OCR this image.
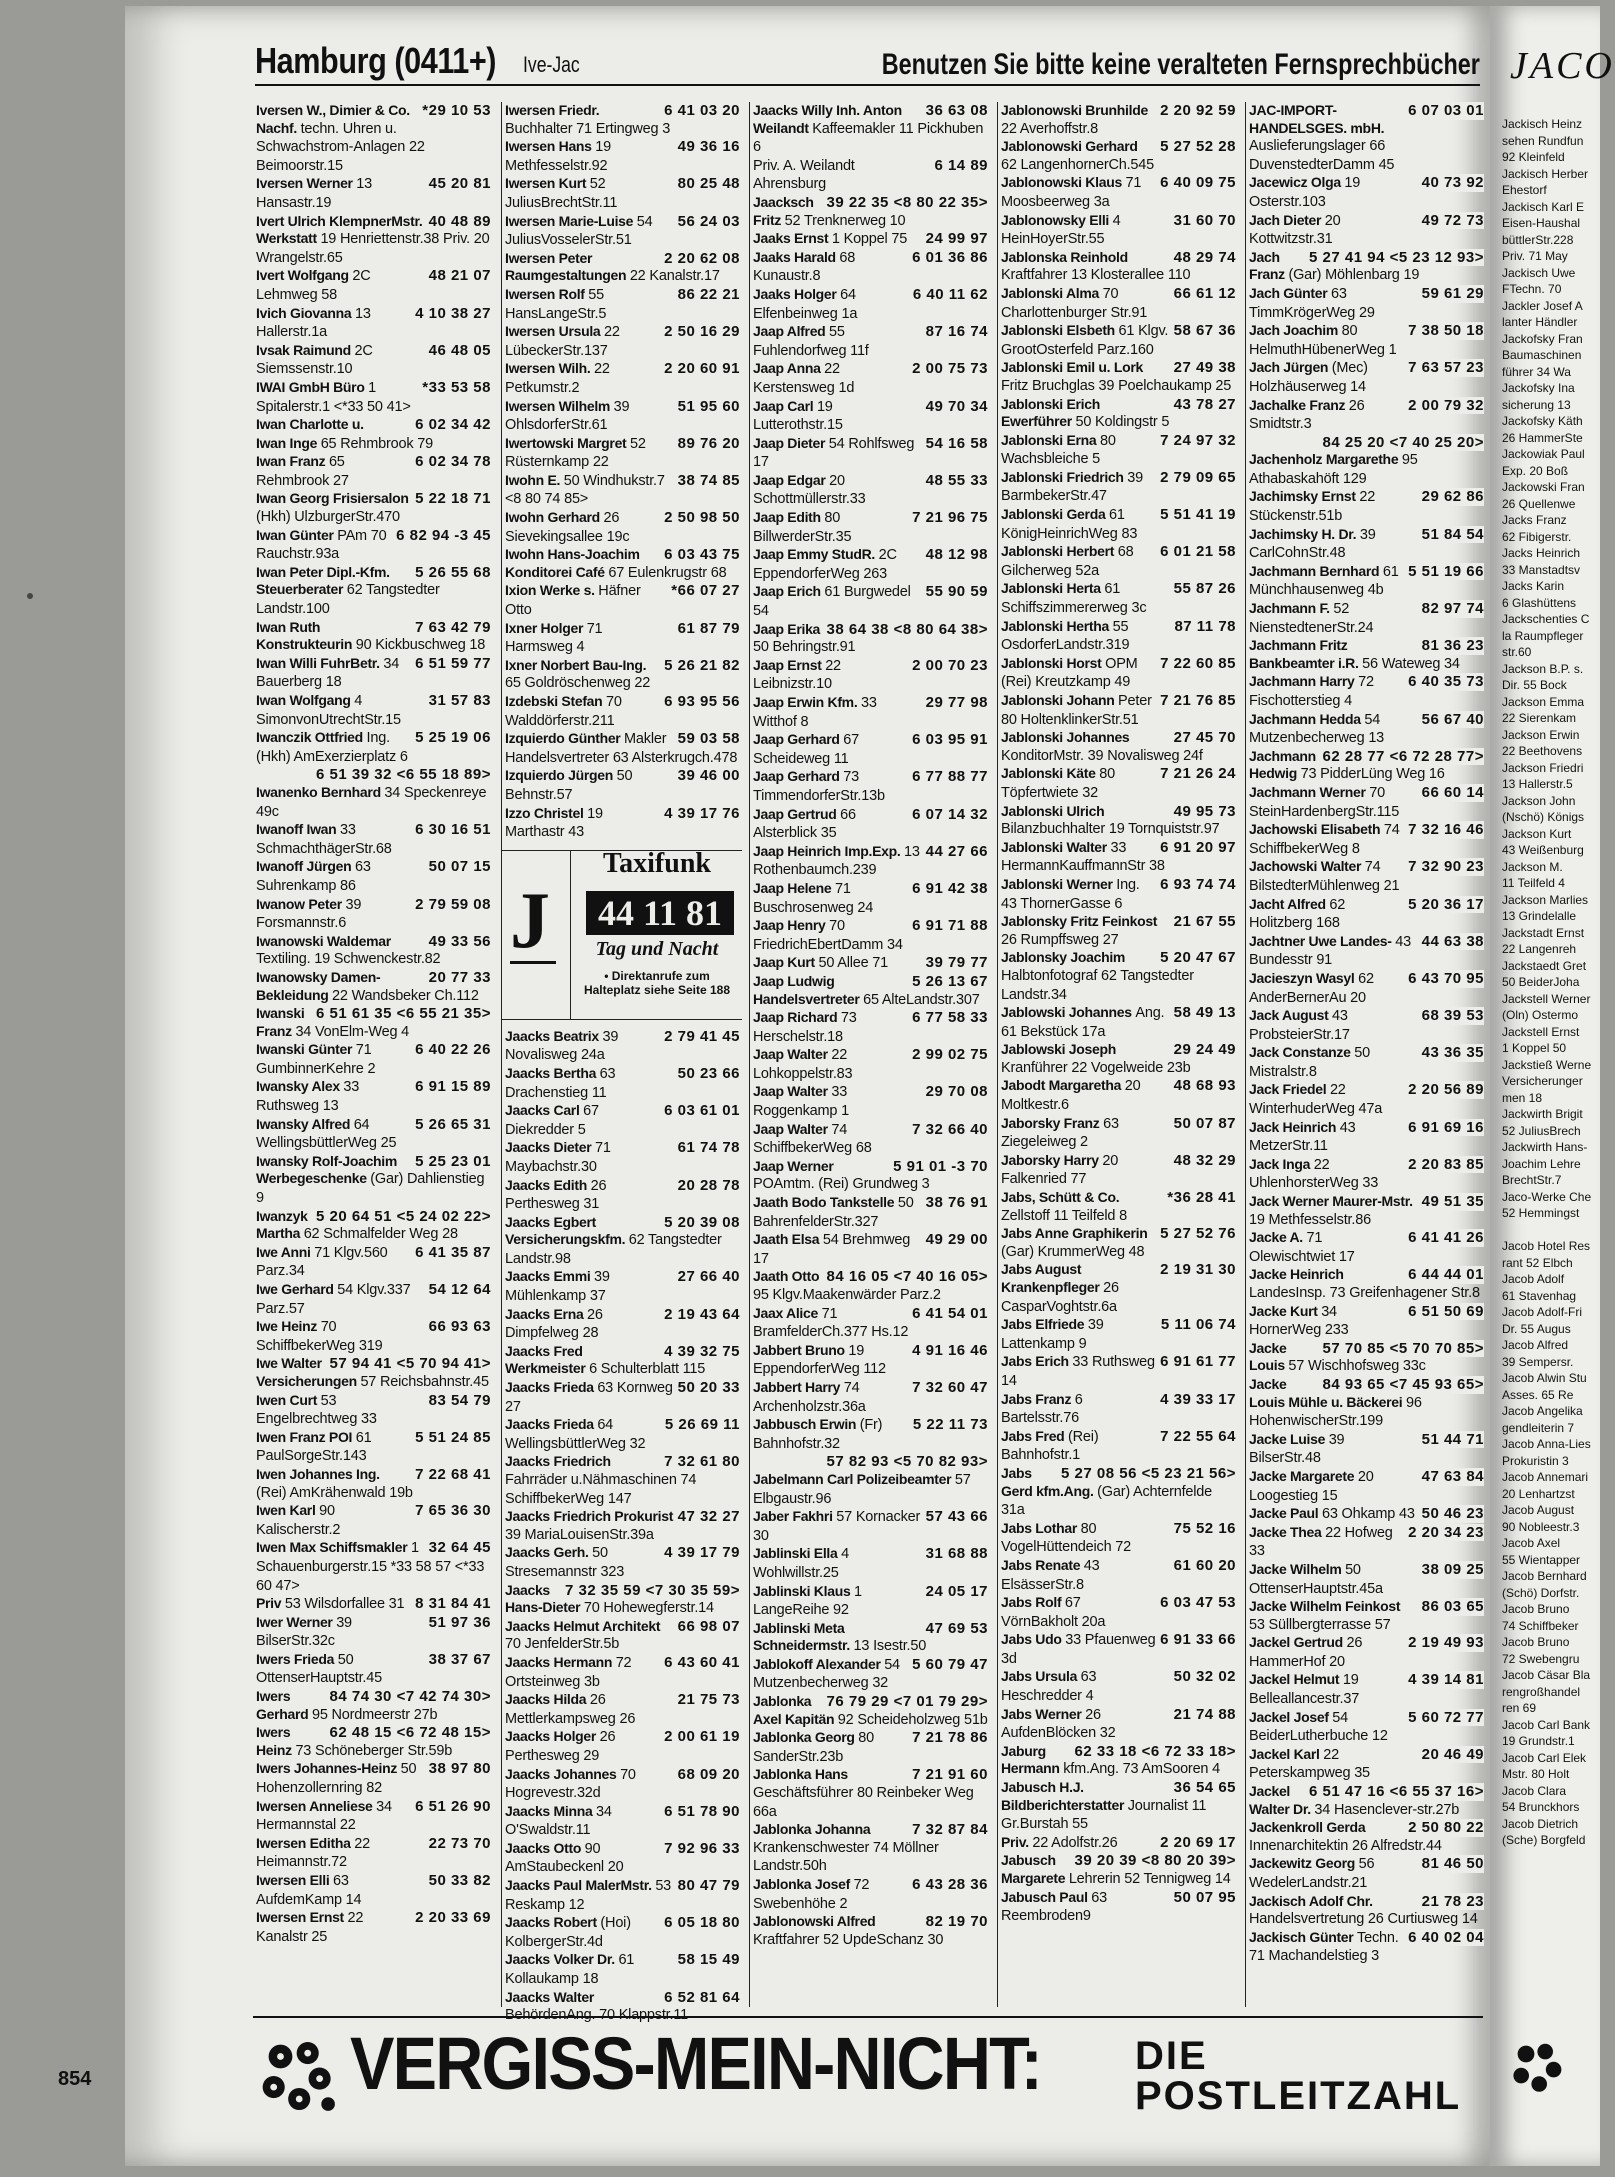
Hamburg (0411+) Ive-Jac	Benutzen Sie bitte keine veralteten Fernsprechbücher
*29 10 53
Iversen W., Dimier & Co. Nachf. techn. Uhren u. Schwachstrom-Anlagen 22 Beimoorstr.15
45 20 81
Iversen Werner 13 Hansastr.19
40 48 89
Ivert Ulrich KlempnerMstr. Werkstatt 19 Henriettenstr.38 Priv. 20 Wrangelstr.65
48 21 07
Ivert Wolfgang 2C Lehmweg 58
4 10 38 27
Ivich Giovanna 13 Hallerstr.1a
46 48 05
Ivsak Raimund 2C Siemssenstr.10
*33 53 58
IWAI GmbH Büro 1 Spitalerstr.1 <*33 50 41>
6 02 34 42
Iwan Charlotte u.
Iwan Inge 65 Rehmbrook 79
6 02 34 78
Iwan Franz 65 Rehmbrook 27
5 22 18 71
Iwan Georg Frisiersalon (Hkh) UlzburgerStr.470
6 82 94 -3 45
Iwan Günter PAm 70 Rauchstr.93a
5 26 55 68
Iwan Peter Dipl.-Kfm. Steuerberater 62 Tangstedter Landstr.100
7 63 42 79
Iwan Ruth Konstrukteurin 90 Kickbuschweg 18
6 51 59 77
Iwan Willi FuhrBetr. 34 Bauerberg 18
31 57 83
Iwan Wolfgang 4 SimonvonUtrechtStr.15
5 25 19 06
Iwanczik Ottfried Ing. (Hkh) AmExerzierplatz 6
6 51 39 32 <6 55 18 89>
Iwanenko Bernhard 34 Speckenreye 49c
6 30 16 51
Iwanoff Iwan 33 SchmachthägerStr.68
50 07 15
Iwanoff Jürgen 63 Suhrenkamp 86
2 79 59 08
Iwanow Peter 39 Forsmannstr.6
49 33 56
Iwanowski Waldemar Textiling. 19 Schwenckestr.82
20 77 33
Iwanowsky Damen-Bekleidung 22 Wandsbeker Ch.112
6 51 61 35 <6 55 21 35>
Iwanski Franz 34 VonElm-Weg 4
6 40 22 26
Iwanski Günter 71 GumbinnerKehre 2
6 91 15 89
Iwansky Alex 33 Ruthsweg 13
5 26 65 31
Iwansky Alfred 64 WellingsbüttlerWeg 25
5 25 23 01
Iwansky Rolf-Joachim Werbegeschenke (Gar) Dahlienstieg 9
5 20 64 51 <5 24 02 22>
Iwanzyk Martha 62 Schmalfelder Weg 28
6 41 35 87
Iwe Anni 71 Klgv.560 Parz.34
54 12 64
Iwe Gerhard 54 Klgv.337 Parz.57
66 93 63
Iwe Heinz 70 SchiffbekerWeg 319
57 94 41 <5 70 94 41>
Iwe Walter Versicherungen 57 Reichsbahnstr.45
83 54 79
Iwen Curt 53 Engelbrechtweg 33
5 51 24 85
Iwen Franz POI 61 PaulSorgeStr.143
7 22 68 41
Iwen Johannes Ing. (Rei) AmKrähenwald 19b
7 65 36 30
Iwen Karl 90 Kalischerstr.2
32 64 45
Iwen Max Schiffsmakler 1 Schauenburgerstr.15 *33 58 57 <*33 60 47>
8 31 84 41
Priv 53 Wilsdorfallee 31
51 97 36
Iwer Werner 39 BilserStr.32c
38 37 67
Iwers Frieda 50 OttenserHauptstr.45
84 74 30 <7 42 74 30>
Iwers Gerhard 95 Nordmeerstr 27b
62 48 15 <6 72 48 15>
Iwers Heinz 73 Schöneberger Str.59b
38 97 80
Iwers Johannes-Heinz 50 Hohenzollernring 82
6 51 26 90
Iwersen Anneliese 34 Hermannstal 22
22 73 70
Iwersen Editha 22 Heimannstr.72
50 33 82
Iwersen Elli 63 AufdemKamp 14
2 20 33 69
Iwersen Ernst 22 Kanalstr 25
6 41 03 20
Iwersen Friedr. Buchhalter 71 Ertingweg 3
49 36 16
Iwersen Hans 19 Methfesselstr.92
80 25 48
Iwersen Kurt 52 JuliusBrechtStr.11
56 24 03
Iwersen Marie-Luise 54 JuliusVosselerStr.51
2 20 62 08
Iwersen Peter Raumgestaltungen 22 Kanalstr.17
86 22 21
Iwersen Rolf 55 HansLangeStr.5
2 50 16 29
Iwersen Ursula 22 LübeckerStr.137
2 20 60 91
Iwersen Wilh. 22 Petkumstr.2
51 95 60
Iwersen Wilhelm 39 OhlsdorferStr.61
89 76 20
Iwertowski Margret 52 Rüsternkamp 22
38 74 85
Iwohn E. 50 Windhukstr.7 <8 80 74 85>
2 50 98 50
Iwohn Gerhard 26 Sievekingsallee 19c
6 03 43 75
Iwohn Hans-Joachim Konditorei Café 67 Eulenkrugstr 68
*66 07 27
Ixion Werke s. Häfner Otto
61 87 79
Ixner Holger 71 Harmsweg 4
5 26 21 82
Ixner Norbert Bau-Ing. 65 Goldröschenweg 22
6 93 95 56
Izdebski Stefan 70 Walddörferstr.211
59 03 58
Izquierdo Günther Makler Handelsvertreter 63 Alsterkrugch.478
39 46 00
Izquierdo Jürgen 50 Behnstr.57
4 39 17 76
Izzo Christel 19 Marthastr 43
J
Taxifunk
44 11 81
Tag und Nacht
• Direktanrufe zum Halteplatz siehe Seite 188
2 79 41 45
Jaacks Beatrix 39 Novalisweg 24a
50 23 66
Jaacks Bertha 63 Drachenstieg 11
6 03 61 01
Jaacks Carl 67 Diekredder 5
61 74 78
Jaacks Dieter 71 Maybachstr.30
20 28 78
Jaacks Edith 26 Perthesweg 31
5 20 39 08
Jaacks Egbert Versicherungskfm. 62 Tangstedter Landstr.98
27 66 40
Jaacks Emmi 39 Mühlenkamp 37
2 19 43 64
Jaacks Erna 26 Dimpfelweg 28
4 39 32 75
Jaacks Fred Werkmeister 6 Schulterblatt 115
50 20 33
Jaacks Frieda 63 Kornweg 27
5 26 69 11
Jaacks Frieda 64 WellingsbüttlerWeg 32
7 32 61 80
Jaacks Friedrich Fahrräder u.Nähmaschinen 74 SchiffbekerWeg 147
47 32 27
Jaacks Friedrich Prokurist 39 MariaLouisenStr.39a
4 39 17 79
Jaacks Gerh. 50 Stresemannstr 323
7 32 35 59 <7 30 35 59>
Jaacks Hans-Dieter 70 Hohewegferstr.14
66 98 07
Jaacks Helmut Architekt 70 JenfelderStr.5b
6 43 60 41
Jaacks Hermann 72 Ortsteinweg 3b
21 75 73
Jaacks Hilda 26 Mettlerkampsweg 26
2 00 61 19
Jaacks Holger 26 Perthesweg 29
68 09 20
Jaacks Johannes 70 Hogrevestr.32d
6 51 78 90
Jaacks Minna 34 O'Swaldstr.11
7 92 96 33
Jaacks Otto 90 AmStaubeckenl 20
80 47 79
Jaacks Paul MalerMstr. 53 Reskamp 12
6 05 18 80
Jaacks Robert (Hoi) KolbergerStr.4d
58 15 49
Jaacks Volker Dr. 61 Kollaukamp 18
6 52 81 64
Jaacks Walter BehördenAng. 70 Klappstr.11
36 63 08
Jaacks Willy Inh. Anton Weilandt Kaffeemakler 11 Pickhuben 6
6 14 89
Priv. A. Weilandt Ahrensburg
39 22 35 <8 80 22 35>
Jaacksch Fritz 52 Trenknerweg 10
24 99 97
Jaaks Ernst 1 Koppel 75
6 01 36 86
Jaaks Harald 68 Kunaustr.8
6 40 11 62
Jaaks Holger 64 Elfenbeinweg 1a
87 16 74
Jaap Alfred 55 Fuhlendorfweg 11f
2 00 75 73
Jaap Anna 22 Kerstensweg 1d
49 70 34
Jaap Carl 19 Lutterothstr.15
54 16 58
Jaap Dieter 54 Rohlfsweg 17
48 55 33
Jaap Edgar 20 Schottmüllerstr.33
7 21 96 75
Jaap Edith 80 BillwerderStr.35
48 12 98
Jaap Emmy StudR. 2C EppendorferWeg 263
55 90 59
Jaap Erich 61 Burgwedel 54
38 64 38 <8 80 64 38>
Jaap Erika 50 Behringstr.91
2 00 70 23
Jaap Ernst 22 Leibnizstr.10
29 77 98
Jaap Erwin Kfm. 33 Witthof 8
6 03 95 91
Jaap Gerhard 67 Scheideweg 11
6 77 88 77
Jaap Gerhard 73 TimmendorferStr.13b
6 07 14 32
Jaap Gertrud 66 Alsterblick 35
44 27 66
Jaap Heinrich Imp.Exp. 13 Rothenbaumch.239
6 91 42 38
Jaap Helene 71 Buschrosenweg 24
6 91 71 88
Jaap Henry 70 FriedrichEbertDamm 34
39 79 77
Jaap Kurt 50 Allee 71
5 26 13 67
Jaap Ludwig Handelsvertreter 65 AlteLandstr.307
6 77 58 33
Jaap Richard 73 Herschelstr.18
2 99 02 75
Jaap Walter 22 Lohkoppelstr.83
29 70 08
Jaap Walter 33 Roggenkamp 1
7 32 66 40
Jaap Walter 74 SchiffbekerWeg 68
5 91 01 -3 70
Jaap Werner POAmtm. (Rei) Grundweg 3
38 76 91
Jaath Bodo Tankstelle 50 BahrenfelderStr.327
49 29 00
Jaath Elsa 54 Brehmweg 17
84 16 05 <7 40 16 05>
Jaath Otto 95 Klgv.Maakenwärder Parz.2
6 41 54 01
Jaax Alice 71 BramfelderCh.377 Hs.12
4 91 16 46
Jabbert Bruno 19 EppendorferWeg 112
7 32 60 47
Jabbert Harry 74 Archenholzstr.36a
5 22 11 73
Jabbusch Erwin (Fr) Bahnhofstr.32
57 82 93 <5 70 82 93>
Jabelmann Carl Polizeibeamter 57 Elbgaustr.96
57 43 66
Jaber Fakhri 57 Kornacker 30
31 68 88
Jablinski Ella 4 Wohlwillstr.25
24 05 17
Jablinski Klaus 1 LangeReihe 92
47 69 53
Jablinski Meta Schneidermstr. 13 Isestr.50
5 60 79 47
Jablokoff Alexander 54 Mutzenbecherweg 32
76 79 29 <7 01 79 29>
Jablonka Axel Kapitän 92 Scheideholzweg 51b
7 21 78 86
Jablonka Georg 80 SanderStr.23b
7 21 91 60
Jablonka Hans Geschäftsführer 80 Reinbeker Weg 66a
7 32 87 84
Jablonka Johanna Krankenschwester 74 Möllner Landstr.50h
6 43 28 36
Jablonka Josef 72 Swebenhöhe 2
82 19 70
Jablonowski Alfred Kraftfahrer 52 UpdeSchanz 30
2 20 92 59
Jablonowski Brunhilde 22 Averhoffstr.8
5 27 52 28
Jablonowski Gerhard 62 LangenhornerCh.545
6 40 09 75
Jablonowski Klaus 71 Moosbeerweg 3a
31 60 70
Jablonowsky Elli 4 HeinHoyerStr.55
48 29 74
Jablonska Reinhold Kraftfahrer 13 Klosterallee 110
66 61 12
Jablonski Alma 70 Charlottenburger Str.91
58 67 36
Jablonski Elsbeth 61 Klgv. GrootOsterfeld Parz.160
27 49 38
Jablonski Emil u. Lork Fritz Bruchglas 39 Poelchaukamp 25
43 78 27
Jablonski Erich Ewerführer 50 Koldingstr 5
7 24 97 32
Jablonski Erna 80 Wachsbleiche 5
2 79 09 65
Jablonski Friedrich 39 BarmbekerStr.47
5 51 41 19
Jablonski Gerda 61 KönigHeinrichWeg 83
6 01 21 58
Jablonski Herbert 68 Gilcherweg 52a
55 87 26
Jablonski Herta 61 Schiffszimmererweg 3c
87 11 78
Jablonski Hertha 55 OsdorferLandstr.319
7 22 60 85
Jablonski Horst OPM (Rei) Kreutzkamp 49
7 21 76 85
Jablonski Johann Peter 80 HoltenklinkerStr.51
27 45 70
Jablonski Johannes KonditorMstr. 39 Novalisweg 24f
7 21 26 24
Jablonski Käte 80 Töpfertwiete 32
49 95 73
Jablonski Ulrich Bilanzbuchhalter 19 Tornquiststr.97
6 91 20 97
Jablonski Walter 33 HermannKauffmannStr 38
6 93 74 74
Jablonski Werner Ing. 43 ThornerGasse 6
21 67 55
Jablonsky Fritz Feinkost 26 Rumpffsweg 27
5 20 47 67
Jablonsky Joachim Halbtonfotograf 62 Tangstedter Landstr.34
58 49 13
Jablowski Johannes Ang. 61 Bekstück 17a
29 24 49
Jablowski Joseph Kranführer 22 Vogelweide 23b
48 68 93
Jabodt Margaretha 20 Moltkestr.6
50 07 87
Jaborsky Franz 63 Ziegeleiweg 2
48 32 29
Jaborsky Harry 20 Falkenried 77
*36 28 41
Jabs, Schütt & Co. Zellstoff 11 Teilfeld 8
5 27 52 76
Jabs Anne Graphikerin (Gar) KrummerWeg 48
2 19 31 30
Jabs August Krankenpfleger 26 CasparVoghtstr.6a
5 11 06 74
Jabs Elfriede 39 Lattenkamp 9
6 91 61 77
Jabs Erich 33 Ruthsweg 14
4 39 33 17
Jabs Franz 6 Bartelsstr.76
7 22 55 64
Jabs Fred (Rei) Bahnhofstr.1
5 27 08 56 <5 23 21 56>
Jabs Gerd kfm.Ang. (Gar) Achternfelde 31a
75 52 16
Jabs Lothar 80 VogelHüttendeich 72
61 60 20
Jabs Renate 43 ElsässerStr.8
6 03 47 53
Jabs Rolf 67 VörnBakholt 20a
6 91 33 66
Jabs Udo 33 Pfauenweg 3d
50 32 02
Jabs Ursula 63 Heschredder 4
21 74 88
Jabs Werner 26 AufdenBlöcken 32
62 33 18 <6 72 33 18>
Jaburg Hermann kfm.Ang. 73 AmSooren 4
36 54 65
Jabusch H.J. Bildberichterstatter Journalist 11 Gr.Burstah 55
2 20 69 17
Priv. 22 Adolfstr.26
39 20 39 <8 80 20 39>
Jabusch Margarete Lehrerin 52 Tennigweg 14
50 07 95
Jabusch Paul 63 Reembroden9
6 07 03 01
JAC-IMPORT-HANDELSGES. mbH. Auslieferungslager 66 DuvenstedterDamm 45
40 73 92
Jacewicz Olga 19 Osterstr.103
49 72 73
Jach Dieter 20 Kottwitzstr.31
5 27 41 94 <5 23 12 93>
Jach Franz (Gar) Möhlenbarg 19
59 61 29
Jach Günter 63 TimmKrögerWeg 29
7 38 50 18
Jach Joachim 80 HelmuthHübenerWeg 1
7 63 57 23
Jach Jürgen (Mec) Holzhäuserweg 14
2 00 79 32
Jachalke Franz 26 Smidtstr.3
84 25 20 <7 40 25 20>
Jachenholz Margarethe 95 Athabaskahöft 129
29 62 86
Jachimsky Ernst 22 Stückenstr.51b
51 84 54
Jachimsky H. Dr. 39 CarlCohnStr.48
5 51 19 66
Jachmann Bernhard 61 Münchhausenweg 4b
82 97 74
Jachmann F. 52 NienstedtenerStr.24
81 36 23
Jachmann Fritz Bankbeamter i.R. 56 Wateweg 34
6 40 35 73
Jachmann Harry 72 Fischotterstieg 4
56 67 40
Jachmann Hedda 54 Mutzenbecherweg 13
62 28 77 <6 72 28 77>
Jachmann Hedwig 73 PidderLüng Weg 16
66 60 14
Jachmann Werner 70 SteinHardenbergStr.115
7 32 16 46
Jachowski Elisabeth 74 SchiffbekerWeg 8
7 32 90 23
Jachowski Walter 74 BilstedterMühlenweg 21
5 20 36 17
Jacht Alfred 62 Holitzberg 168
44 63 38
Jachtner Uwe Landes- 43 Bundesstr 91
6 43 70 95
Jacieszyn Wasyl 62 AnderBernerAu 20
68 39 53
Jack August 43 ProbsteierStr.17
43 36 35
Jack Constanze 50 Mistralstr.8
2 20 56 89
Jack Friedel 22 WinterhuderWeg 47a
6 91 69 16
Jack Heinrich 43 MetzerStr.11
2 20 83 85
Jack Inga 22 UhlenhorsterWeg 33
49 51 35
Jack Werner Maurer-Mstr. 19 Methfesselstr.86
6 41 41 26
Jacke A. 71 Olewischtwiet 17
6 44 44 01
Jacke Heinrich LandesInsp. 73 Greifenhagener Str.8
6 51 50 69
Jacke Kurt 34 HornerWeg 233
57 70 85 <5 70 70 85>
Jacke Louis 57 Wischhofsweg 33c
84 93 65 <7 45 93 65>
Jacke Louis Mühle u. Bäckerei 96 HohenwischerStr.199
51 44 71
Jacke Luise 39 BilserStr.48
47 63 84
Jacke Margarete 20 Loogestieg 15
50 46 23
Jacke Paul 63 Ohkamp 43
2 20 34 23
Jacke Thea 22 Hofweg 33
38 09 25
Jacke Wilhelm 50 OttenserHauptstr.45a
86 03 65
Jacke Wilhelm Feinkost 53 Süllbergterrasse 57
2 19 49 93
Jackel Gertrud 26 HammerHof 20
4 39 14 81
Jackel Helmut 19 Belleallancestr.37
5 60 72 77
Jackel Josef 54 BeiderLutherbuche 12
20 46 49
Jackel Karl 22 Peterskampweg 35
6 51 47 16 <6 55 37 16>
Jackel Walter Dr. 34 Hasenclever-str.27b
2 50 80 22
Jackenkroll Gerda Innenarchitektin 26 Alfredstr.44
81 46 50
Jackewitz Georg 56 WedelerLandstr.21
21 78 23
Jackisch Adolf Chr. Handelsvertretung 26 Curtiusweg 14
6 40 02 04
Jackisch Günter Techn. 71 Machandelstieg 3
VERGISS-MEIN-NICHT: DIE
POSTLEITZAHL
854
JACO
Jackisch Heinz
sehen Rundfun
92 Kleinfeld
Jackisch Herber
Ehestorf
Jackisch Karl E
Eisen-Haushal
büttlerStr.228
Priv. 71 May
Jackisch Uwe
FTechn. 70
Jackler Josef A
lanter Händler
Jackofsky Fran
Baumaschinen
führer 34 Wa
Jackofsky Ina
sicherung 13
Jackofsky Käth
26 HammerSte
Jackowiak Paul
Exp. 20 Boß
Jackowski Fran
26 Quellenwe
Jacks Franz
62 Fibigerstr.
Jacks Heinrich
33 Manstadtsv
Jacks Karin
6 Glashüttens
Jackschenties C
la Raumpfleger
str.60
Jackson B.P. s.
Dir. 55 Bock
Jackson Emma
22 Sierenkam
Jackson Erwin
22 Beethovens
Jackson Friedri
13 Hallerstr.5
Jackson John
(Nschö) Königs
Jackson Kurt
43 Weißenburg
Jackson M.
11 Teilfeld 4
Jackson Marlies
13 Grindelalle
Jackstadt Ernst
22 Langenreh
Jackstaedt Gret
50 BeiderJoha
Jackstell Werner
(Oln) Ostermo
Jackstell Ernst
1 Koppel 50
Jackstieß Werne
Versicherunger
men 18
Jackwirth Brigit
52 JuliusBrech
Jackwirth Hans-
Joachim Lehre
BrechtStr.7
Jaco-Werke Che
52 Hemmingst

Jacob Hotel Res
rant 52 Elbch
Jacob Adolf
61 Stavenhag
Jacob Adolf-Fri
Dr. 55 Augus
Jacob Alfred
39 Sempersr.
Jacob Alwin Stu
Asses. 65 Re
Jacob Angelika
gendleiterin 7
Jacob Anna-Lies
Prokuristin 3
Jacob Annemari
20 Lenhartzst
Jacob August
90 Nobleestr.3
Jacob Axel
55 Wientapper
Jacob Bernhard
(Schö) Dorfstr.
Jacob Bruno
74 Schiffbeker
Jacob Bruno
72 Swebengru
Jacob Cäsar Bla
rengroßhandel
ren 69
Jacob Carl Bank
19 Grundstr.1
Jacob Carl Elek
Mstr. 80 Holt
Jacob Clara
54 Brunckhors
Jacob Dietrich
(Sche) Borgfeld
